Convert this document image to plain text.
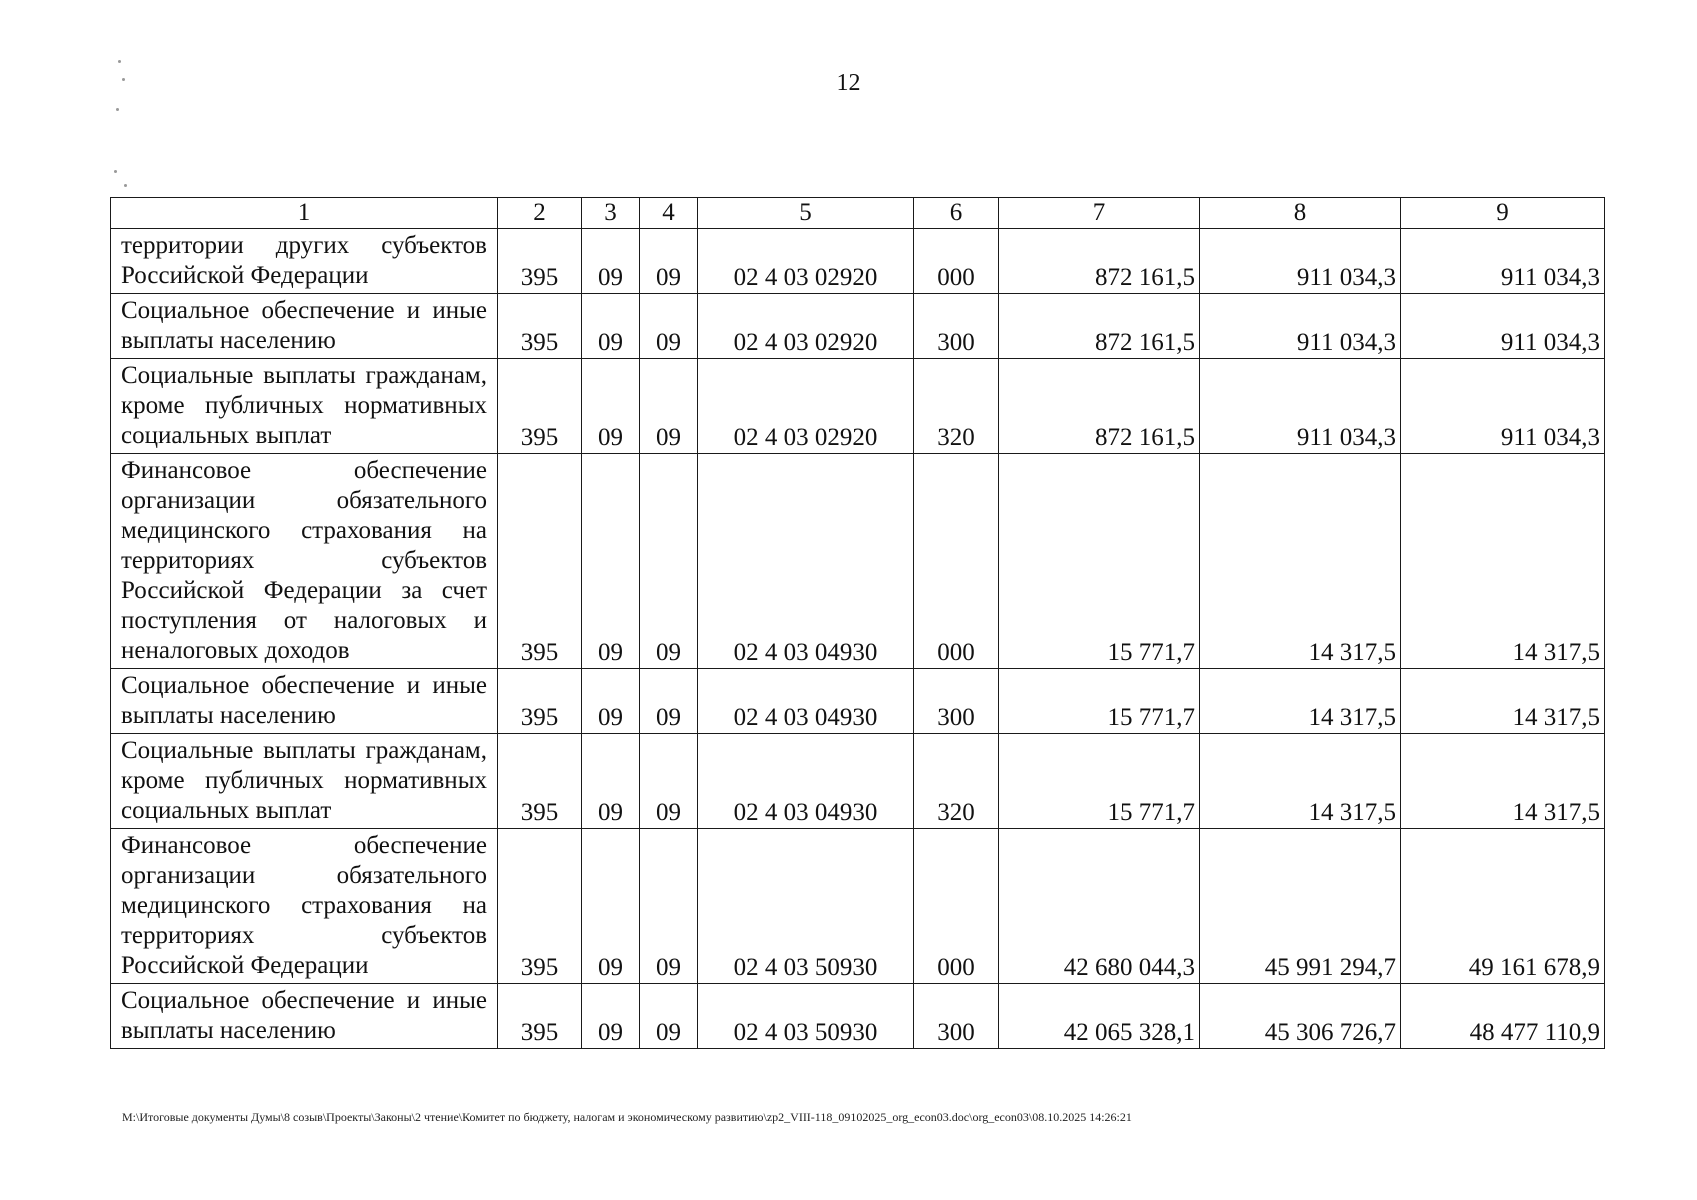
12
1	2	3	4	5	6	7	8	9
территории других субъектов Российской Федерации	395	09	09	02 4 03 02920	000	872 161,5	911 034,3	911 034,3
Социальное обеспечение и иные выплаты населению	395	09	09	02 4 03 02920	300	872 161,5	911 034,3	911 034,3
Социальные выплаты гражданам, кроме публичных нормативных социальных выплат	395	09	09	02 4 03 02920	320	872 161,5	911 034,3	911 034,3
Финансовое обеспечение организации обязательного медицинского страхования на территориях субъектов Российской Федерации за счет поступления от налоговых и неналоговых доходов	395	09	09	02 4 03 04930	000	15 771,7	14 317,5	14 317,5
Социальное обеспечение и иные выплаты населению	395	09	09	02 4 03 04930	300	15 771,7	14 317,5	14 317,5
Социальные выплаты гражданам, кроме публичных нормативных социальных выплат	395	09	09	02 4 03 04930	320	15 771,7	14 317,5	14 317,5
Финансовое обеспечение организации обязательного медицинского страхования на территориях субъектов Российской Федерации	395	09	09	02 4 03 50930	000	42 680 044,3	45 991 294,7	49 161 678,9
Социальное обеспечение и иные выплаты населению	395	09	09	02 4 03 50930	300	42 065 328,1	45 306 726,7	48 477 110,9
М:\Итоговые документы Думы\8 созыв\Проекты\Законы\2 чтение\Комитет по бюджету, налогам и экономическому развитию\zp2_VIII-118_09102025_org_econ03.doc\org_econ03\08.10.2025 14:26:21
